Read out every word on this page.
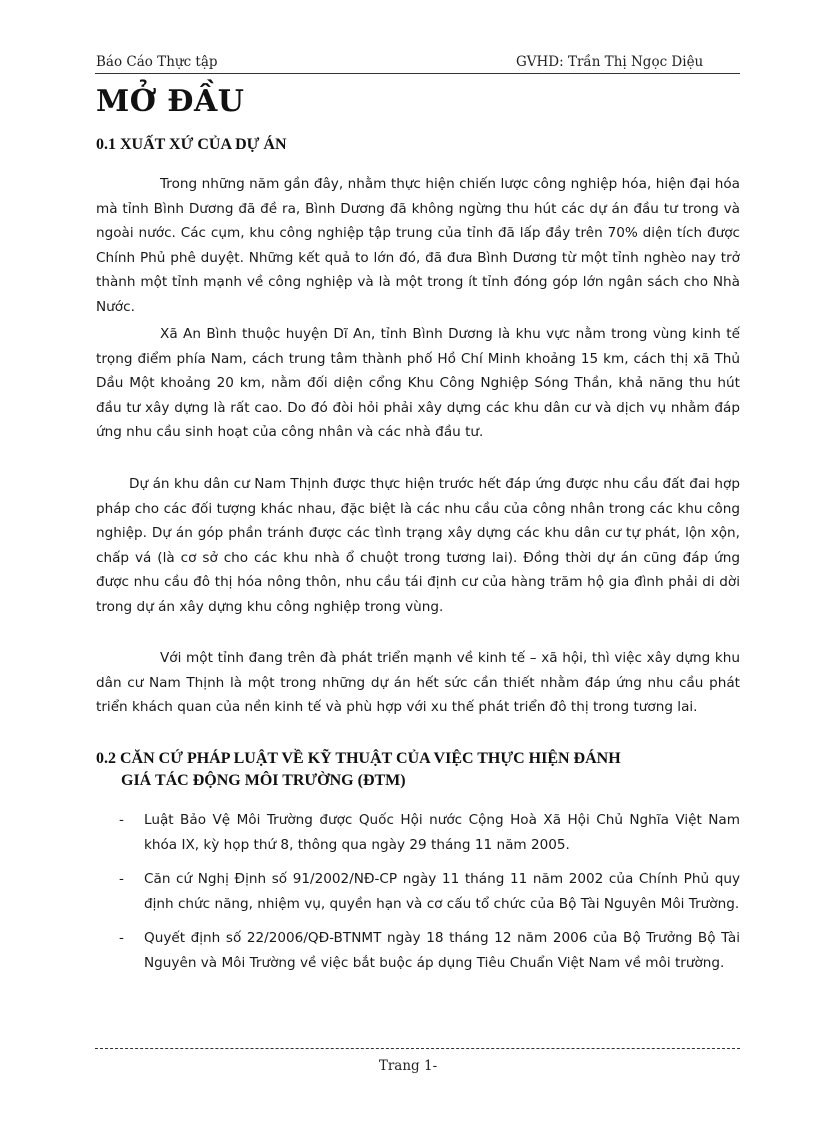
Báo Cáo Thực tập	GVHD: Trần Thị Ngọc Diệu
MỞ ĐẦU
0.1 XUẤT XỨ CỦA DỰ ÁN

Trong những năm gần đây, nhằm thực hiện chiến lược công nghiệp hóa, hiện đại hóa mà tỉnh Bình Dương đã đề ra, Bình Dương đã không ngừng thu hút các dự án đầu tư trong và ngoài nước. Các cụm, khu công nghiệp tập trung của tỉnh đã lấp đầy trên 70% diện tích được Chính Phủ phê duyệt. Những kết quả to lớn đó, đã đưa Bình Dương từ một tỉnh nghèo nay trở thành một tỉnh mạnh về công nghiệp và là một trong ít tỉnh đóng góp lớn ngân sách cho Nhà Nước.

Xã An Bình thuộc huyện Dĩ An, tỉnh Bình Dương là khu vực nằm trong vùng kinh tế trọng điểm phía Nam, cách trung tâm thành phố Hồ Chí Minh khoảng 15 km, cách thị xã Thủ Dầu Một khoảng 20 km, nằm đối diện cổng Khu Công Nghiệp Sóng Thần, khả năng thu hút đầu tư xây dựng là rất cao. Do đó đòi hỏi phải xây dựng các khu dân cư và dịch vụ nhằm đáp ứng nhu cầu sinh hoạt của công nhân và các nhà đầu tư.

Dự án khu dân cư Nam Thịnh được thực hiện trước hết đáp ứng được nhu cầu đất đai hợp pháp cho các đối tượng khác nhau, đặc biệt là các nhu cầu của công nhân trong các khu công nghiệp. Dự án góp phần tránh được các tình trạng xây dựng các khu dân cư tự phát, lộn xộn, chấp vá (là cơ sở cho các khu nhà ổ chuột trong tương lai). Đồng thời dự án cũng đáp ứng được nhu cầu đô thị hóa nông thôn, nhu cầu tái định cư của hàng trăm hộ gia đình phải di dời trong dự án xây dựng khu công nghiệp trong vùng.

Với một tỉnh đang trên đà phát triển mạnh về kinh tế – xã hội, thì việc xây dựng khu dân cư Nam Thịnh là một trong những dự án hết sức cần thiết nhằm đáp ứng nhu cầu phát triển khách quan của nền kinh tế và phù hợp với xu thế phát triển đô thị trong tương lai.

0.2 CĂN CỨ PHÁP LUẬT VỀ KỸ THUẬT CỦA VIỆC THỰC HIỆN ĐÁNH
GIÁ TÁC ĐỘNG MÔI TRƯỜNG (ĐTM)
- Luật Bảo Vệ Môi Trường được Quốc Hội nước Cộng Hoà Xã Hội Chủ Nghĩa Việt Nam khóa IX, kỳ họp thứ 8, thông qua ngày 29 tháng 11 năm 2005.
- Căn cứ Nghị Định số 91/2002/NĐ-CP ngày 11 tháng 11 năm 2002 của Chính Phủ quy định chức năng, nhiệm vụ, quyền hạn và cơ cấu tổ chức của Bộ Tài Nguyên Môi Trường.
- Quyết định số 22/2006/QĐ-BTNMT ngày 18 tháng 12 năm 2006 của Bộ Trưởng Bộ Tài Nguyên và Môi Trường về việc bắt buộc áp dụng Tiêu Chuẩn Việt Nam về môi trường.
Trang 1-
